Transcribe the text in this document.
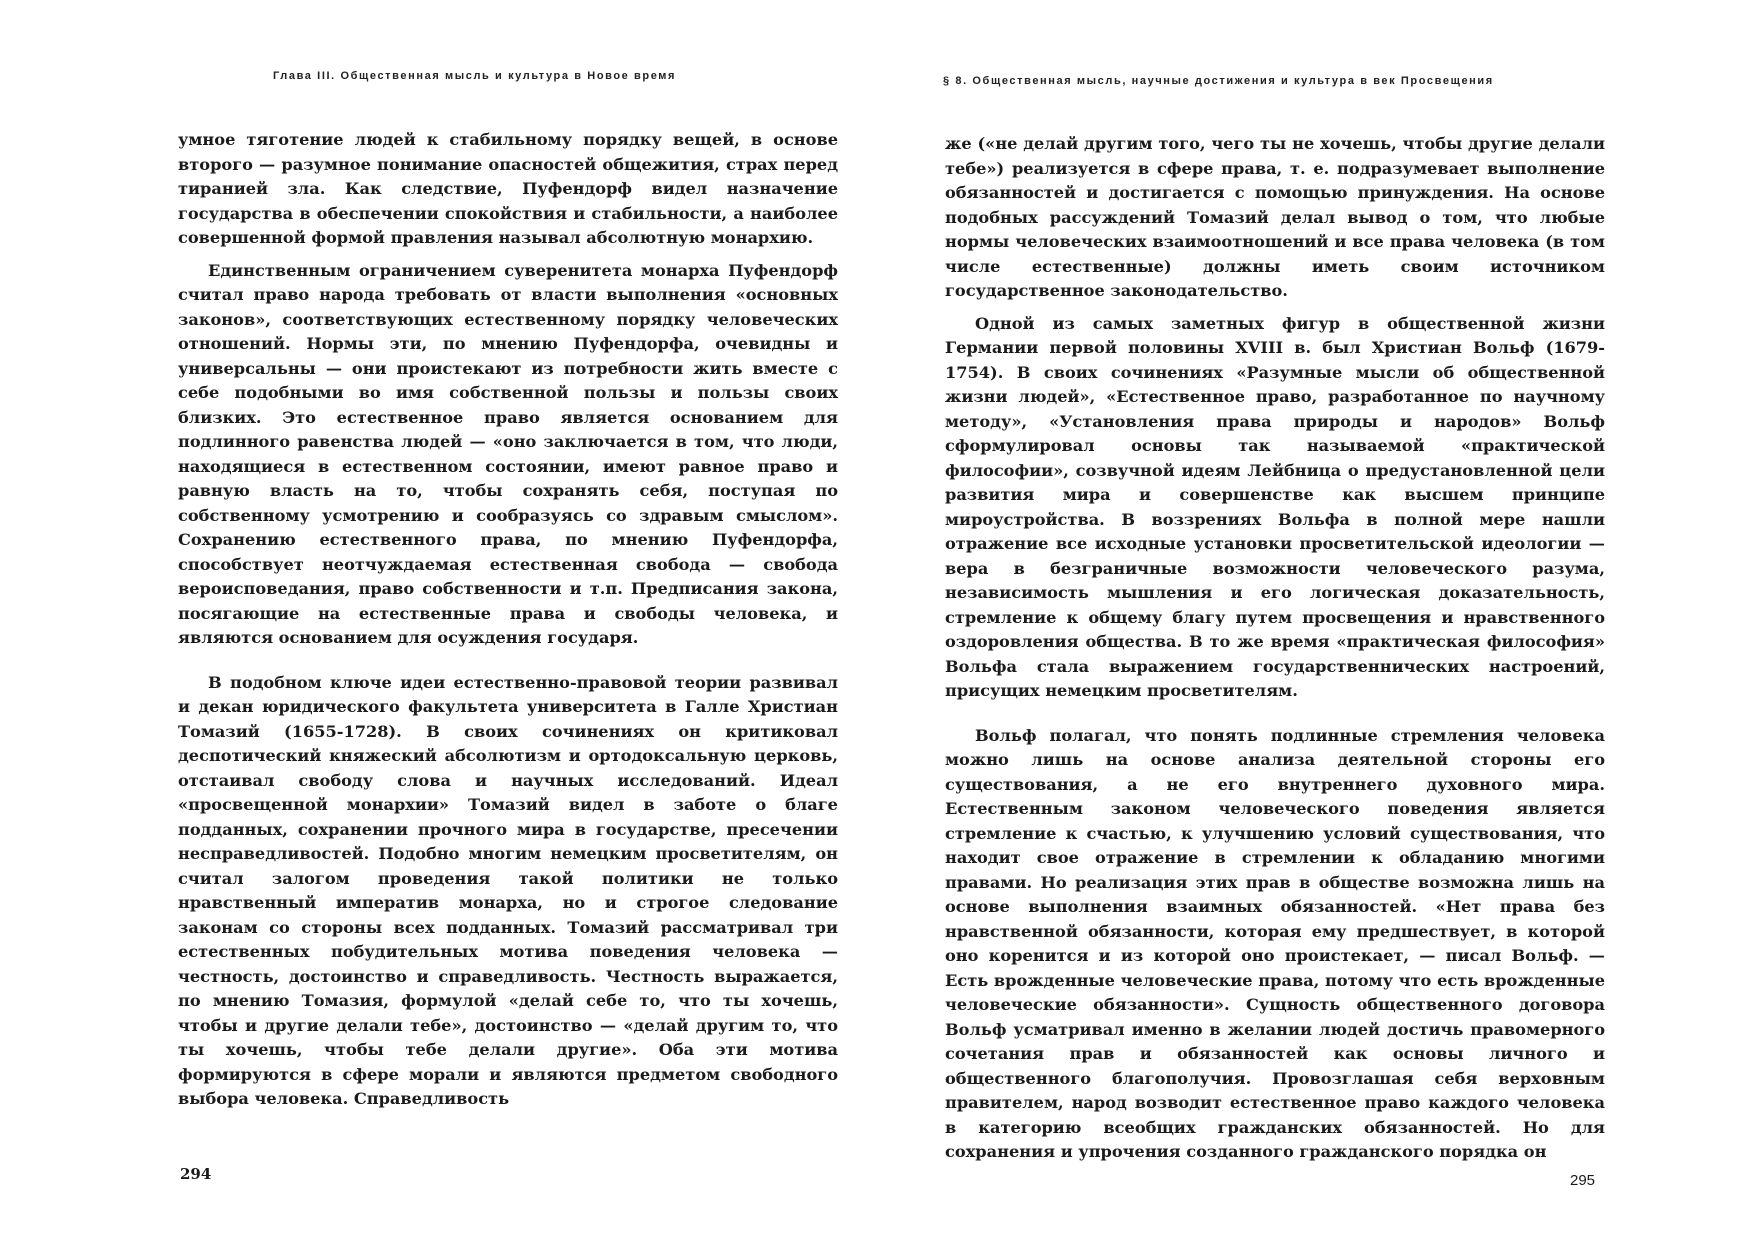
Глава III. Общественная мысль и культура в Новое время

умное тяготение людей к стабильному порядку вещей, в основе второго — разумное понимание опасностей общежития, страх перед тиранией зла. Как следствие, Пуфендорф видел назначение государства в обеспечении спокойствия и стабильности, а наиболее совершенной формой правления называл абсолютную монархию.

Единственным ограничением суверенитета монарха Пуфендорф считал право народа требовать от власти выполнения «основных законов», соответствующих естественному порядку человеческих отношений. Нормы эти, по мнению Пуфендорфа, очевидны и универсальны — они проистекают из потребности жить вместе с себе подобными во имя собственной пользы и пользы своих близких. Это естественное право является основанием для подлинного равенства людей — «оно заключается в том, что люди, находящиеся в естественном состоянии, имеют равное право и равную власть на то, чтобы сохранять себя, поступая по собственному усмотрению и сообразуясь со здравым смыслом». Сохранению естественного права, по мнению Пуфендорфа, способствует неотчуждаемая естественная свобода — свобода вероисповедания, право собственности и т.п. Предписания закона, посягающие на естественные права и свободы человека, и являются основанием для осуждения государя.

В подобном ключе идеи естественно-правовой теории развивал и декан юридического факультета университета в Галле Христиан Томазий (1655-1728). В своих сочинениях он критиковал деспотический княжеский абсолютизм и ортодоксальную церковь, отстаивал свободу слова и научных исследований. Идеал «просвещенной монархии» Томазий видел в заботе о благе подданных, сохранении прочного мира в государстве, пресечении несправедливостей. Подобно многим немецким просветителям, он считал залогом проведения такой политики не только нравственный императив монарха, но и строгое следование законам со стороны всех подданных. Томазий рассматривал три естественных побудительных мотива поведения человека — честность, достоинство и справедливость. Честность выражается, по мнению Томазия, формулой «делай себе то, что ты хочешь, чтобы и другие делали тебе», достоинство — «делай другим то, что ты хочешь, чтобы тебе делали другие». Оба эти мотива формируются в сфере морали и являются предметом свободного выбора человека. Справедливость

294
§ 8. Общественная мысль, научные достижения и культура в век Просвещения

же («не делай другим того, чего ты не хочешь, чтобы другие делали тебе») реализуется в сфере права, т. е. подразумевает выполнение обязанностей и достигается с помощью принуждения. На основе подобных рассуждений Томазий делал вывод о том, что любые нормы человеческих взаимоотношений и все права человека (в том числе естественные) должны иметь своим источником государственное законодательство.

Одной из самых заметных фигур в общественной жизни Германии первой половины XVIII в. был Христиан Вольф (1679-1754). В своих сочинениях «Разумные мысли об общественной жизни людей», «Естественное право, разработанное по научному методу», «Установления права природы и народов» Вольф сформулировал основы так называемой «практической философии», созвучной идеям Лейбница о предустановленной цели развития мира и совершенстве как высшем принципе мироустройства. В воззрениях Вольфа в полной мере нашли отражение все исходные установки просветительской идеологии — вера в безграничные возможности человеческого разума, независимость мышления и его логическая доказательность, стремление к общему благу путем просвещения и нравственного оздоровления общества. В то же время «практическая философия» Вольфа стала выражением государственнических настроений, присущих немецким просветителям.

Вольф полагал, что понять подлинные стремления человека можно лишь на основе анализа деятельной стороны его существования, а не его внутреннего духовного мира. Естественным законом человеческого поведения является стремление к счастью, к улучшению условий существования, что находит свое отражение в стремлении к обладанию многими правами. Но реализация этих прав в обществе возможна лишь на основе выполнения взаимных обязанностей. «Нет права без нравственной обязанности, которая ему предшествует, в которой оно коренится и из которой оно проистекает, — писал Вольф. — Есть врожденные человеческие права, потому что есть врожденные человеческие обязанности». Сущность общественного договора Вольф усматривал именно в желании людей достичь правомерного сочетания прав и обязанностей как основы личного и общественного благополучия. Провозглашая себя верховным правителем, народ возводит естественное право каждого человека в категорию всеобщих гражданских обязанностей. Но для сохранения и упрочения созданного гражданского порядка он

295
